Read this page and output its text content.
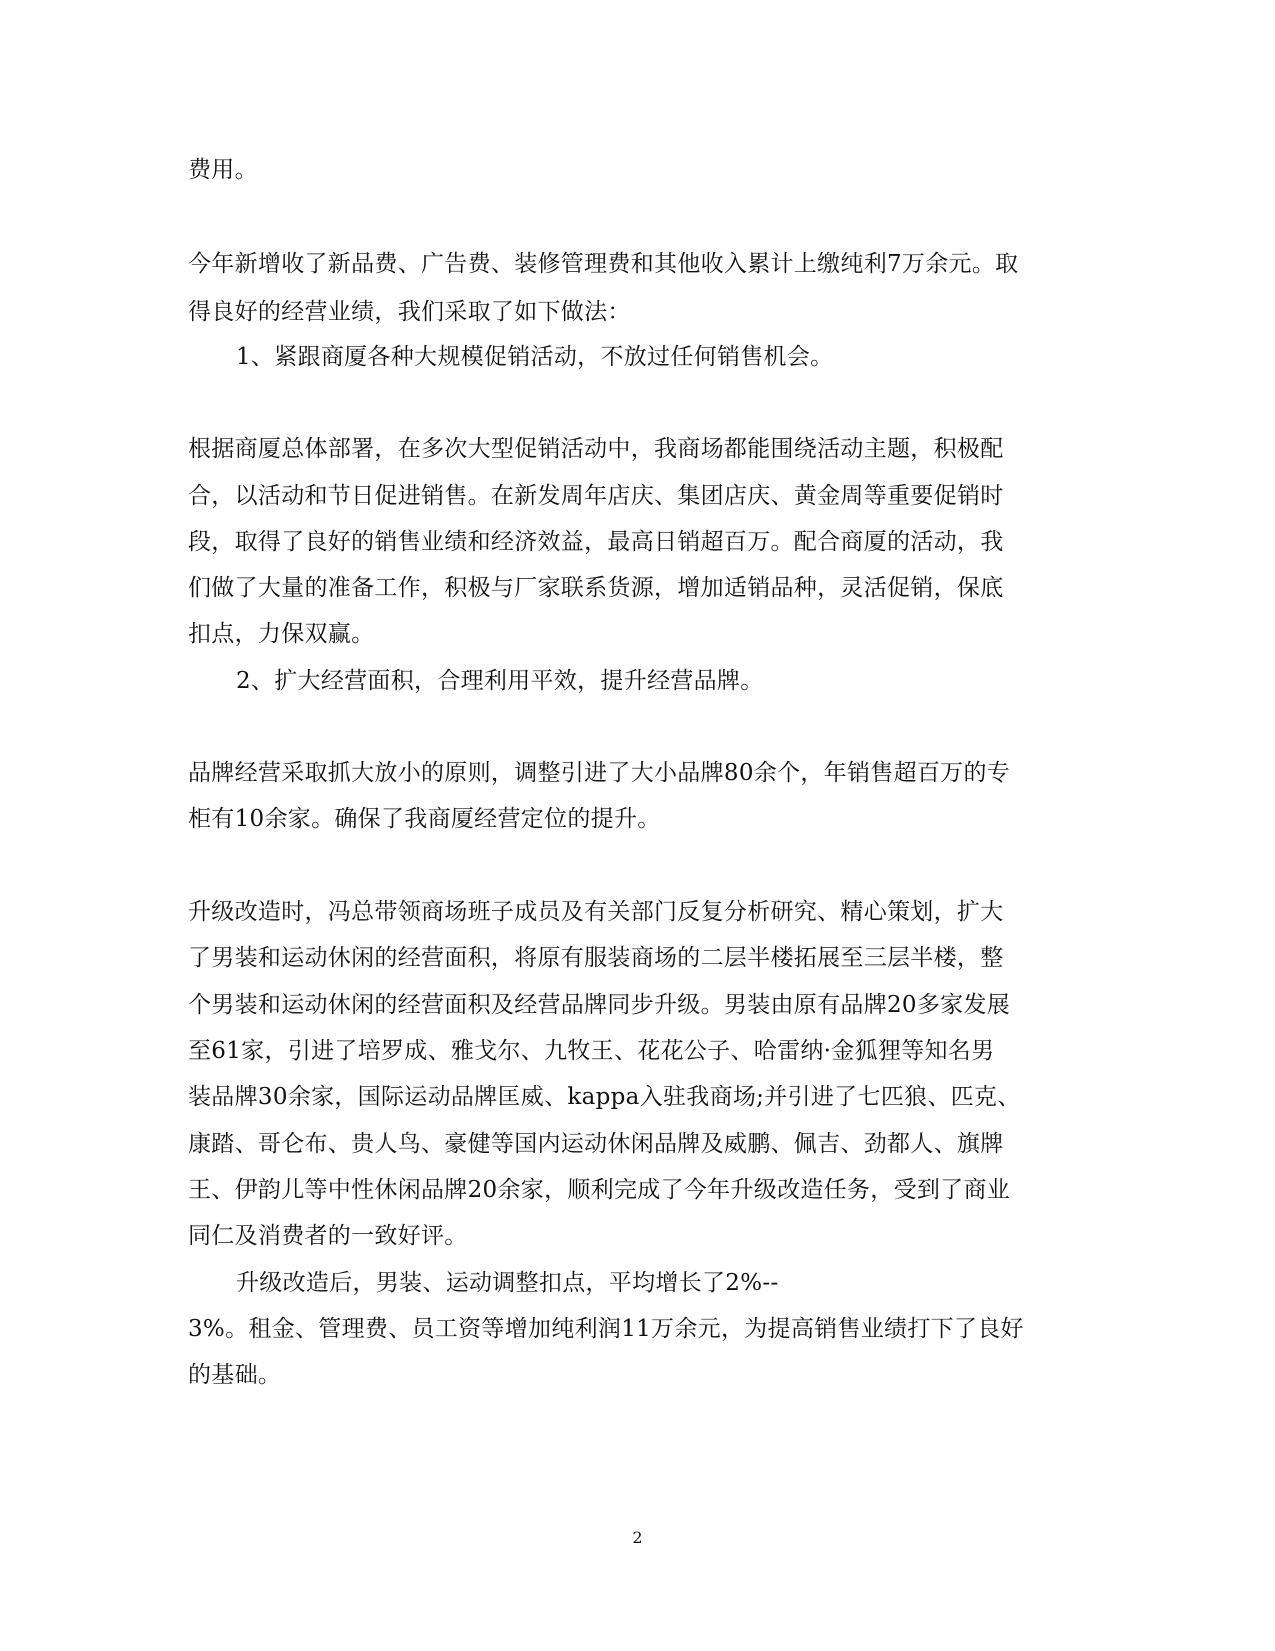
费用。

今年新增收了新品费、广告费、装修管理费和其他收入累计上缴纯利7万余元。取

得良好的经营业绩，我们采取了如下做法：

1、紧跟商厦各种大规模促销活动，不放过任何销售机会。

根据商厦总体部署，在多次大型促销活动中，我商场都能围绕活动主题，积极配

合，以活动和节日促进销售。在新发周年店庆、集团店庆、黄金周等重要促销时

段，取得了良好的销售业绩和经济效益，最高日销超百万。配合商厦的活动，我

们做了大量的准备工作，积极与厂家联系货源，增加适销品种，灵活促销，保底

扣点，力保双赢。

2、扩大经营面积，合理利用平效，提升经营品牌。

品牌经营采取抓大放小的原则，调整引进了大小品牌80余个，年销售超百万的专

柜有10余家。确保了我商厦经营定位的提升。

升级改造时，冯总带领商场班子成员及有关部门反复分析研究、精心策划，扩大

了男装和运动休闲的经营面积，将原有服装商场的二层半楼拓展至三层半楼，整

个男装和运动休闲的经营面积及经营品牌同步升级。男装由原有品牌20多家发展

至61家，引进了培罗成、雅戈尔、九牧王、花花公子、哈雷纳·金狐狸等知名男

装品牌30余家，国际运动品牌匡威、kappa入驻我商场;并引进了七匹狼、匹克、

康踏、哥仑布、贵人鸟、豪健等国内运动休闲品牌及威鹏、佩吉、劲都人、旗牌

王、伊韵儿等中性休闲品牌20余家，顺利完成了今年升级改造任务，受到了商业

同仁及消费者的一致好评。

升级改造后，男装、运动调整扣点，平均增长了2%--

3%。租金、管理费、员工资等增加纯利润11万余元，为提高销售业绩打下了良好

的基础。

2
